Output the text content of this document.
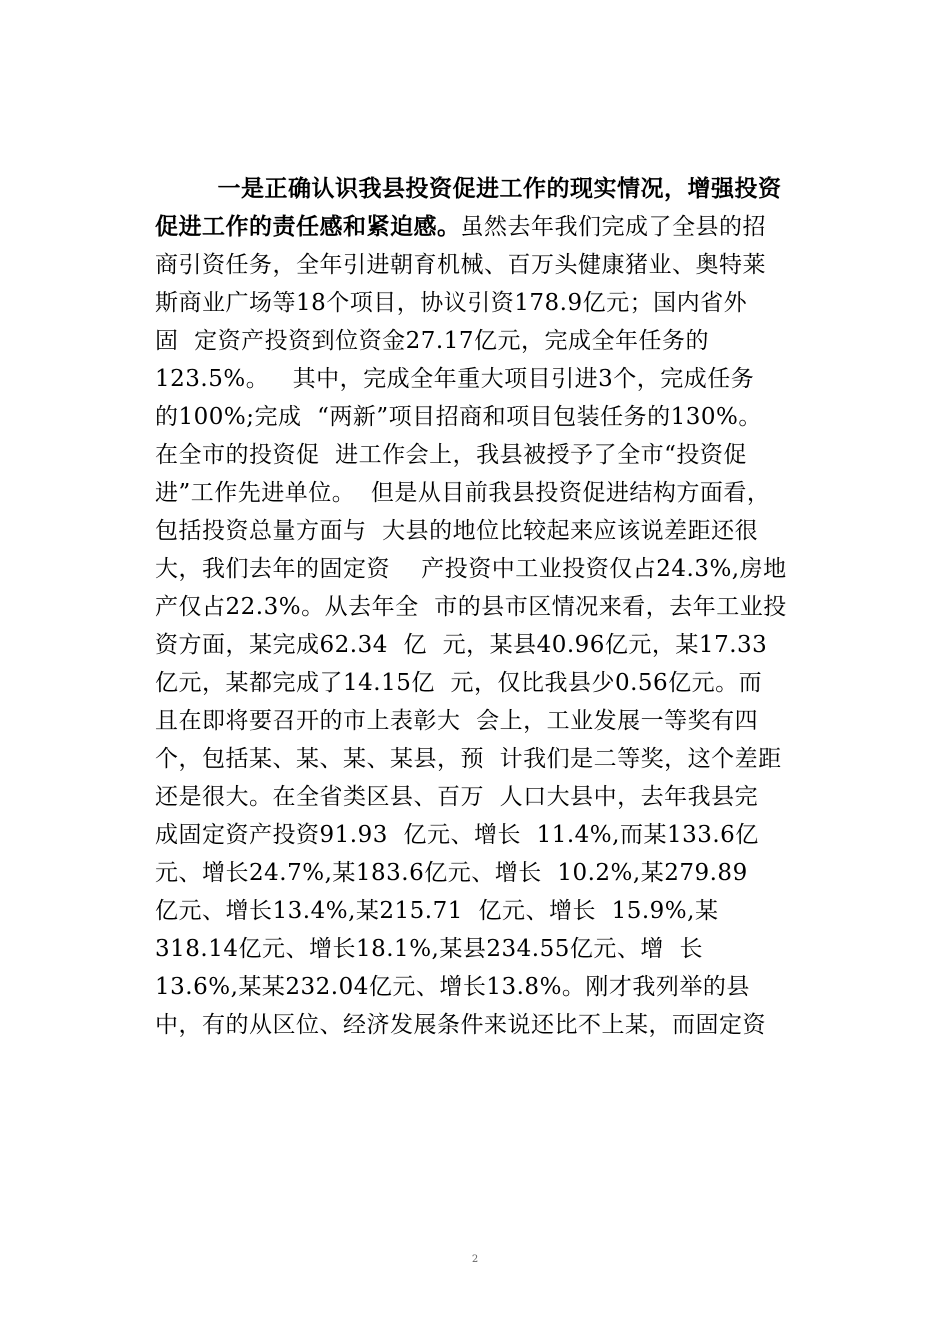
一是正确认识我县投资促进工作的现实情况，增强投资
促进工作的责任感和紧迫感。虽然去年我们完成了全县的招
商引资任务，全年引进朝育机械、百万头健康猪业、奥特莱
斯商业广场等18个项目，协议引资178.9亿元；国内省外
固  定资产投资到位资金27.17亿元，完成全年任务的
123.5%。   其中，完成全年重大项目引进3个，完成任务
的100%;完成  “两新”项目招商和项目包装任务的130%。
在全市的投资促  进工作会上，我县被授予了全市“投资促
进”工作先进单位。  但是从目前我县投资促进结构方面看，
包括投资总量方面与  大县的地位比较起来应该说差距还很
大，我们去年的固定资    产投资中工业投资仅占24.3%,房地
产仅占22.3%。从去年全  市的县市区情况来看，去年工业投
资方面，某完成62.34  亿  元，某县40.96亿元，某17.33
亿元，某都完成了14.15亿  元，仅比我县少0.56亿元。而
且在即将要召开的市上表彰大  会上，工业发展一等奖有四
个，包括某、某、某、某县，预  计我们是二等奖，这个差距
还是很大。在全省类区县、百万  人口大县中，去年我县完
成固定资产投资91.93  亿元、增长  11.4%,而某133.6亿
元、增长24.7%,某183.6亿元、增长  10.2%,某279.89
亿元、增长13.4%,某215.71  亿元、增长  15.9%,某
318.14亿元、增长18.1%,某县234.55亿元、增  长
13.6%,某某232.04亿元、增长13.8%。刚才我列举的县
中，有的从区位、经济发展条件来说还比不上某，而固定资
2
